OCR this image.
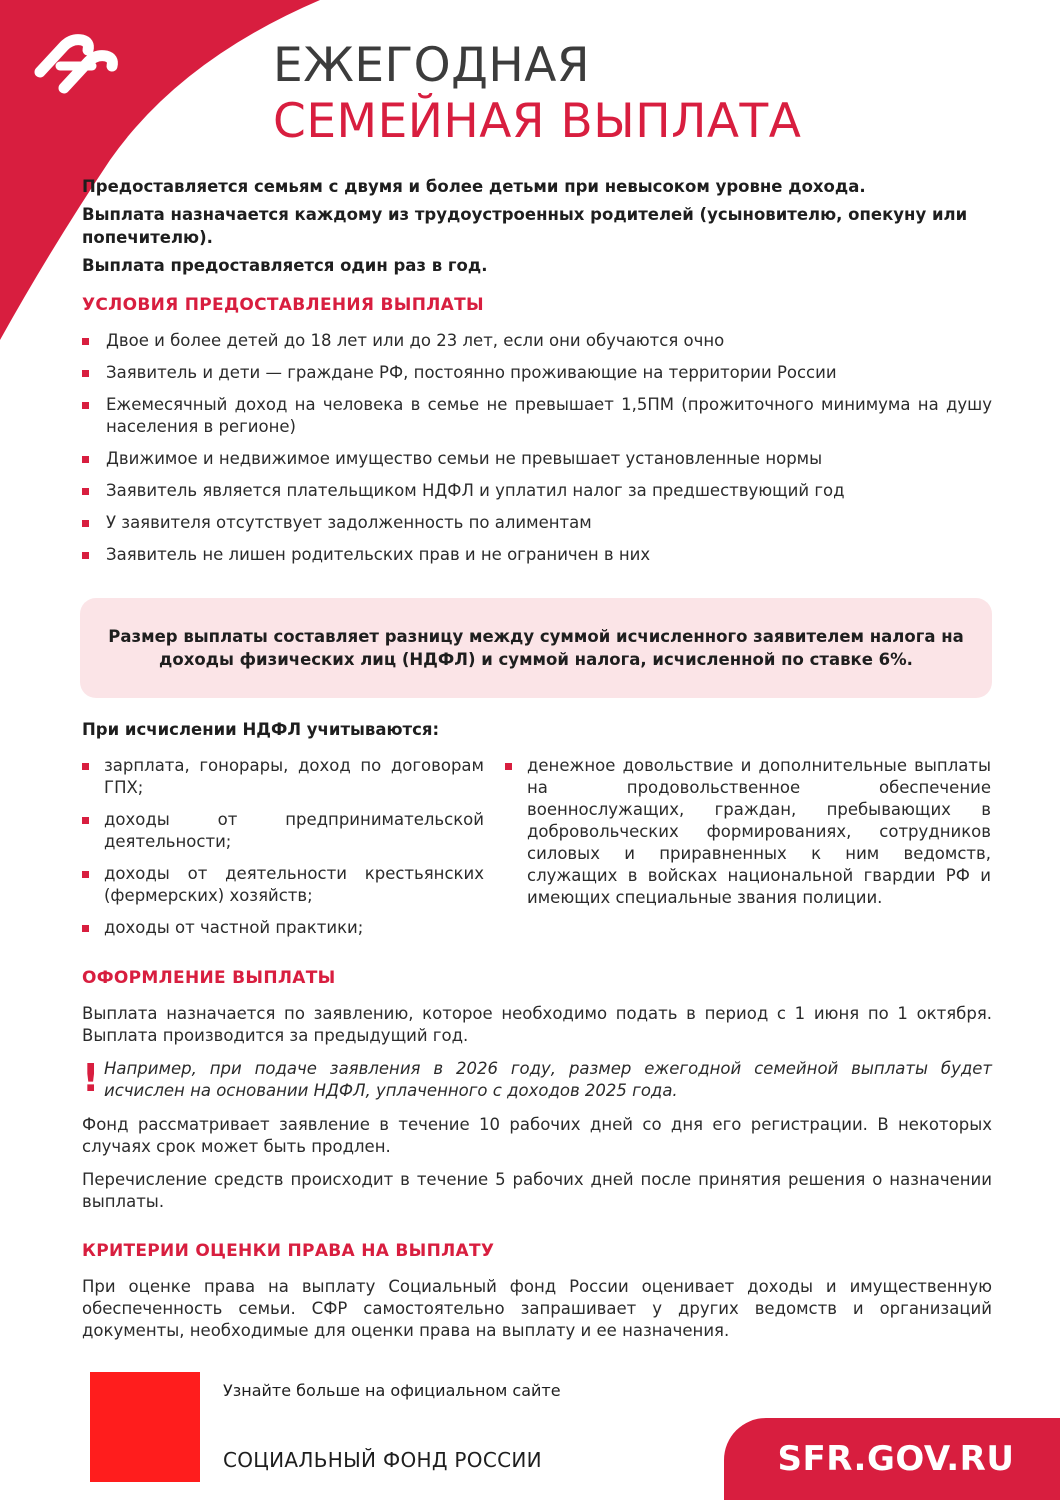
ЕЖЕГОДНАЯ
СЕМЕЙНАЯ ВЫПЛАТА

Предоставляется семьям с двумя и более детьми при невысоком уровне дохода.

Выплата назначается каждому из трудоустроенных родителей (усыновителю, опекуну или попечителю).

Выплата предоставляется один раз в год.

УСЛОВИЯ ПРЕДОСТАВЛЕНИЯ ВЫПЛАТЫ
Двое и более детей до 18 лет или до 23 лет, если они обучаются очно
Заявитель и дети — граждане РФ, постоянно проживающие на территории России
Ежемесячный доход на человека в семье не превышает 1,5ПМ (прожиточного минимума на душу населения в регионе)
Движимое и недвижимое имущество семьи не превышает установленные нормы
Заявитель является плательщиком НДФЛ и уплатил налог за предшествующий год
У заявителя отсутствует задолженность по алиментам
Заявитель не лишен родительских прав и не ограничен в них
Размер выплаты составляет разницу между суммой исчисленного заявителем налога на доходы физических лиц (НДФЛ) и суммой налога, исчисленной по ставке 6%.
При исчислении НДФЛ учитываются:
зарплата, гонорары, доход по договорам ГПХ;
доходы от предпринимательской деятельности;
доходы от деятельности крестьянских (фермерских) хозяйств;
доходы от частной практики;
денежное довольствие и дополнительные выплаты на продовольственное обеспечение военнослужащих, граждан, пребывающих в добровольческих формированиях, сотрудников силовых и приравненных к ним ведомств, служащих в войсках национальной гвардии РФ и имеющих специальные звания полиции.
ОФОРМЛЕНИЕ ВЫПЛАТЫ
Выплата назначается по заявлению, которое необходимо подать в период с 1 июня по 1 октября. Выплата производится за предыдущий год.
! Например, при подаче заявления в 2026 году, размер ежегодной семейной выплаты будет исчислен на основании НДФЛ, уплаченного с доходов 2025 года.
Фонд рассматривает заявление в течение 10 рабочих дней со дня его регистрации. В некоторых случаях срок может быть продлен.
Перечисление средств происходит в течение 5 рабочих дней после принятия решения о назначении выплаты.
КРИТЕРИИ ОЦЕНКИ ПРАВА НА ВЫПЛАТУ
При оценке права на выплату Социальный фонд России оценивает доходы и имущественную обеспеченность семьи. СФР самостоятельно запрашивает у других ведомств и организаций документы, необходимые для оценки права на выплату и ее назначения.
Узнайте больше на официальном сайте
СОЦИАЛЬНЫЙ ФОНД РОССИИ	SFR.GOV.RU
